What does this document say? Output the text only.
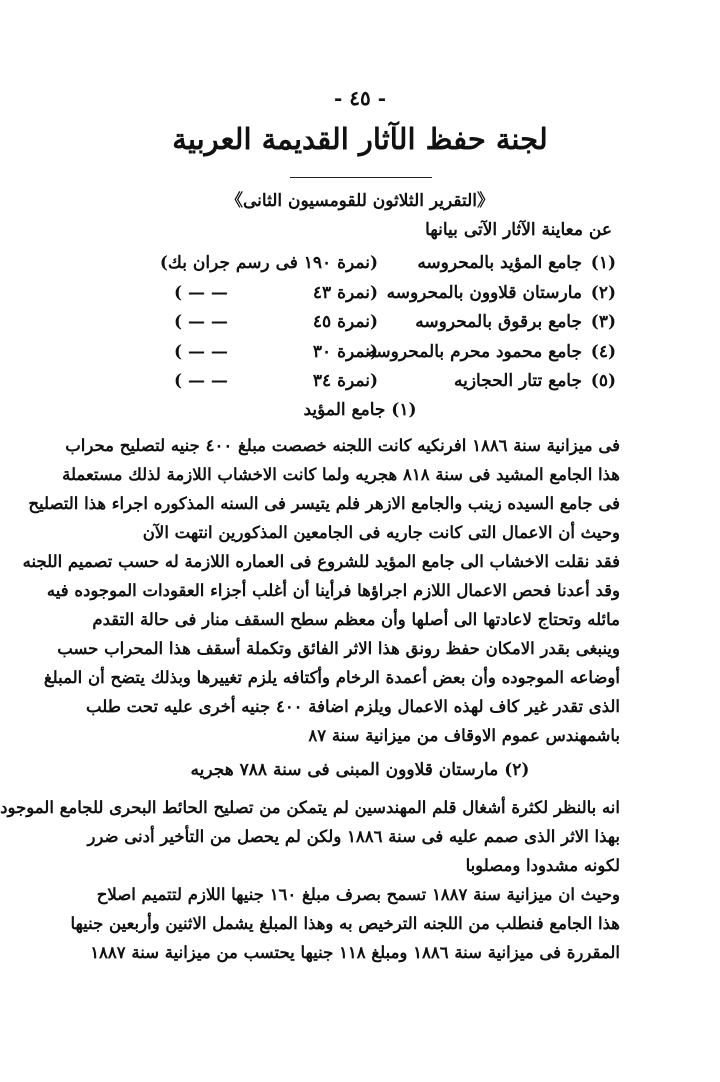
- ٤٥ -
لجنة حفظ الآثار القديمة العربية
《التقرير الثلاثون للقومسيون الثانى》
عن معاينة الآثار الآتى بيانها
(١)
جامع المؤيد بالمحروسه
(نمرة ١٩٠ فى رسم جران بك)
(٢)
مارستان قلاوون بالمحروسه
(نمرة ٤٣
— — )
(٣)
جامع برقوق بالمحروسه
(نمرة ٤٥
— — )
(٤)
جامع محمود محرم بالمحروسه
(نمرة ٣٠
— — )
(٥)
جامع تتار الحجازيه
(نمرة ٣٤
— — )
(١) جامع المؤيد
فى ميزانية سنة ١٨٨٦ افرنكيه كانت اللجنه خصصت مبلغ ٤٠٠ جنيه لتصليح محراب
هذا الجامع المشيد فى سنة ٨١٨ هجريه ولما كانت الاخشاب اللازمة لذلك مستعملة
فى جامع السيده زينب والجامع الازهر فلم يتيسر فى السنه المذكوره اجراء هذا التصليح
وحيث أن الاعمال التى كانت جاريه فى الجامعين المذكورين انتهت الآن
فقد نقلت الاخشاب الى جامع المؤيد للشروع فى العماره اللازمة له حسب تصميم اللجنه
وقد أعدنا فحص الاعمال اللازم اجراؤها فرأينا أن أغلب أجزاء العقودات الموجوده فيه
مائله وتحتاج لاعادتها الى أصلها وأن معظم سطح السقف منار فى حالة التقدم
وينبغى بقدر الامكان حفظ رونق هذا الاثر الفائق وتكملة أسقف هذا المحراب حسب
أوضاعه الموجوده وأن بعض أعمدة الرخام وأكتافه يلزم تغييرها وبذلك يتضح أن المبلغ
الذى تقدر غير كاف لهذه الاعمال ويلزم اضافة ٤٠٠ جنيه أخرى عليه تحت طلب
باشمهندس عموم الاوقاف من ميزانية سنة ٨٧
(٢) مارستان قلاوون المبنى فى سنة ٧٨٨ هجريه
انه بالنظر لكثرة أشغال قلم المهندسين لم يتمكن من تصليح الحائط البحرى للجامع الموجود
بهذا الاثر الذى صمم عليه فى سنة ١٨٨٦ ولكن لم يحصل من التأخير أدنى ضرر
لكونه مشدودا ومصلوبا
وحيث ان ميزانية سنة ١٨٨٧ تسمح بصرف مبلغ ١٦٠ جنيها اللازم لتتميم اصلاح
هذا الجامع فنطلب من اللجنه الترخيص به وهذا المبلغ يشمل الاثنين وأربعين جنيها
المقررة فى ميزانية سنة ١٨٨٦ ومبلغ ١١٨ جنيها يحتسب من ميزانية سنة ١٨٨٧
